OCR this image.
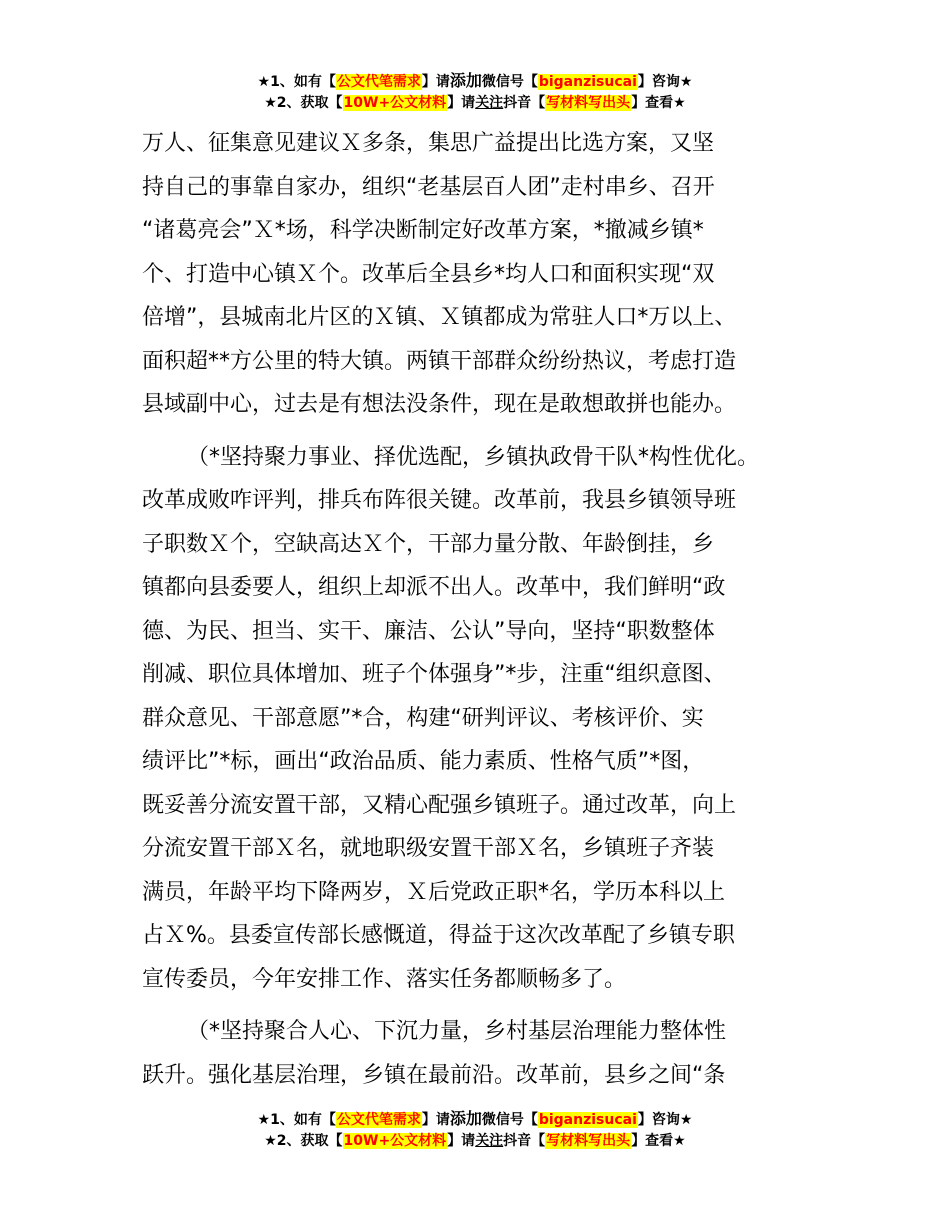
★1、如有【公文代笔需求】请添加微信号【biganzisucai】咨询★
★2、获取【10W+公文材料】请关注抖音【写材料写出头】查看★

万人、征集意见建议Ｘ多条，集思广益提出比选方案，又坚
持自己的事靠自家办，组织“老基层百人团”走村串乡、召开
“诸葛亮会”Ｘ*场，科学决断制定好改革方案，*撤减乡镇*
个、打造中心镇Ｘ个。改革后全县乡*均人口和面积实现“双
倍增”，县城南北片区的Ｘ镇、Ｘ镇都成为常驻人口*万以上、
面积超**方公里的特大镇。两镇干部群众纷纷热议，考虑打造
县域副中心，过去是有想法没条件，现在是敢想敢拼也能办。

（*坚持聚力事业、择优选配，乡镇执政骨干队*构性优化。
改革成败咋评判，排兵布阵很关键。改革前，我县乡镇领导班
子职数Ｘ个，空缺高达Ｘ个，干部力量分散、年龄倒挂，乡
镇都向县委要人，组织上却派不出人。改革中，我们鲜明“政
德、为民、担当、实干、廉洁、公认”导向，坚持“职数整体
削减、职位具体增加、班子个体强身”*步，注重“组织意图、
群众意见、干部意愿”*合，构建“研判评议、考核评价、实
绩评比”*标，画出“政治品质、能力素质、性格气质”*图，
既妥善分流安置干部，又精心配强乡镇班子。通过改革，向上
分流安置干部Ｘ名，就地职级安置干部Ｘ名，乡镇班子齐装
满员，年龄平均下降两岁，Ｘ后党政正职*名，学历本科以上
占Ｘ%。县委宣传部长感慨道，得益于这次改革配了乡镇专职
宣传委员，今年安排工作、落实任务都顺畅多了。

（*坚持聚合人心、下沉力量，乡村基层治理能力整体性
跃升。强化基层治理，乡镇在最前沿。改革前，县乡之间“条

★1、如有【公文代笔需求】请添加微信号【biganzisucai】咨询★
★2、获取【10W+公文材料】请关注抖音【写材料写出头】查看★
